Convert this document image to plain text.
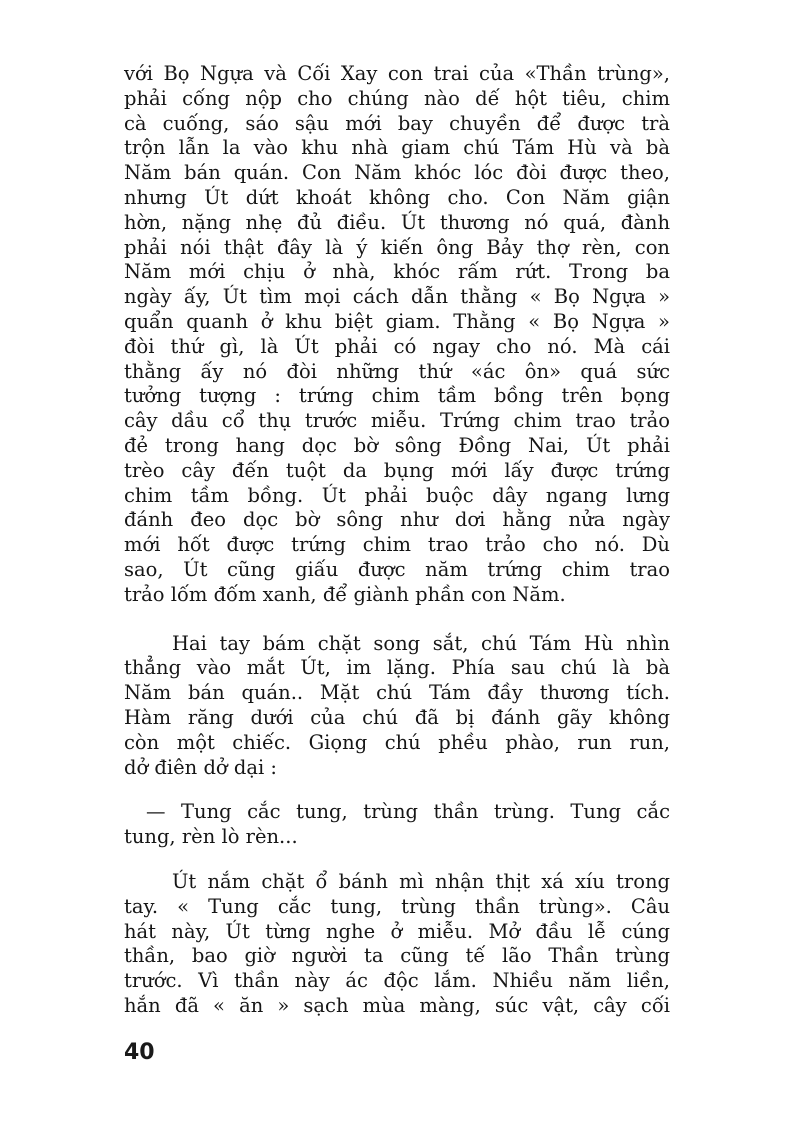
với Bọ Ngựa và Cối Xay con trai của «Thần trùng»,

phải cống nộp cho chúng nào dế hột tiêu, chim

cà cuống, sáo sậu mới bay chuyền để được trà

trộn lẫn la vào khu nhà giam chú Tám Hù và bà

Năm bán quán. Con Năm khóc lóc đòi được theo,

nhưng Út dứt khoát không cho. Con Năm giận

hờn, nặng nhẹ đủ điều. Út thương nó quá, đành

phải nói thật đây là ý kiến ông Bảy thợ rèn, con

Năm mới chịu ở nhà, khóc rấm rứt. Trong ba

ngày ấy, Út tìm mọi cách dẫn thằng « Bọ Ngựa »

quẩn quanh ở khu biệt giam. Thằng « Bọ Ngựa »

đòi thứ gì, là Út phải có ngay cho nó. Mà cái

thằng ấy nó đòi những thứ «ác ôn» quá sức

tưởng tượng : trứng chim tầm bồng trên bọng

cây dầu cổ thụ trước miễu. Trứng chim trao trảo

đẻ trong hang dọc bờ sông Đồng Nai, Út phải

trèo cây đến tuột da bụng mới lấy được trứng

chim tầm bồng. Út phải buộc dây ngang lưng

đánh đeo dọc bờ sông như dơi hằng nửa ngày

mới hốt được trứng chim trao trảo cho nó. Dù

sao, Út cũng giấu được năm trứng chim trao

trảo lốm đốm xanh, để giành phần con Năm.

Hai tay bám chặt song sắt, chú Tám Hù nhìn

thẳng vào mắt Út, im lặng. Phía sau chú là bà

Năm bán quán.. Mặt chú Tám đầy thương tích.

Hàm răng dưới của chú đã bị đánh gãy không

còn một chiếc. Giọng chú phều phào, run run,

dở điên dở dại :

— Tung cắc tung, trùng thần trùng. Tung cắc

tung, rèn lò rèn...

Út nắm chặt ổ bánh mì nhận thịt xá xíu trong

tay. « Tung cắc tung, trùng thần trùng». Câu

hát này, Út từng nghe ở miễu. Mở đầu lễ cúng

thần, bao giờ người ta cũng tế lão Thần trùng

trước. Vì thần này ác độc lắm. Nhiều năm liền,

hắn đã « ăn » sạch mùa màng, súc vật, cây cối

40
